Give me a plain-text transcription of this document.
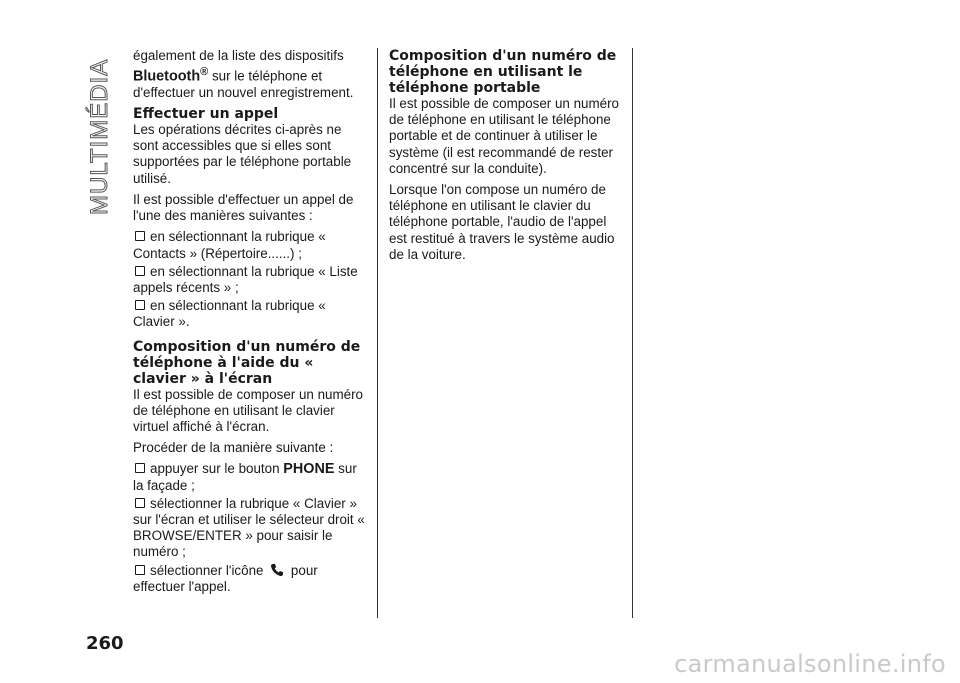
MULTIMÉDIA

également de la liste des dispositifs
Bluetooth® sur le téléphone et d'effectuer un nouvel enregistrement.

Effectuer un appel

Les opérations décrites ci-après ne sont accessibles que si elles sont supportées par le téléphone portable utilisé.

Il est possible d'effectuer un appel de l'une des manières suivantes :

en sélectionnant la rubrique « Contacts » (Répertoire......) ;
en sélectionnant la rubrique « Liste appels récents » ;
en sélectionnant la rubrique « Clavier ».
Composition d'un numéro de téléphone à l'aide du « clavier » à l'écran

Il est possible de composer un numéro de téléphone en utilisant le clavier virtuel affiché à l'écran.

Procéder de la manière suivante :

appuyer sur le bouton PHONE sur la façade ;
sélectionner la rubrique « Clavier » sur l'écran et utiliser le sélecteur droit « BROWSE/ENTER » pour saisir le numéro ;
sélectionner l'icône  pour effectuer l'appel.
Composition d'un numéro de téléphone en utilisant le téléphone portable

Il est possible de composer un numéro de téléphone en utilisant le téléphone portable et de continuer à utiliser le système (il est recommandé de rester concentré sur la conduite).

Lorsque l'on compose un numéro de téléphone en utilisant le clavier du téléphone portable, l'audio de l'appel est restitué à travers le système audio de la voiture.

260
carmanualsonline.info
